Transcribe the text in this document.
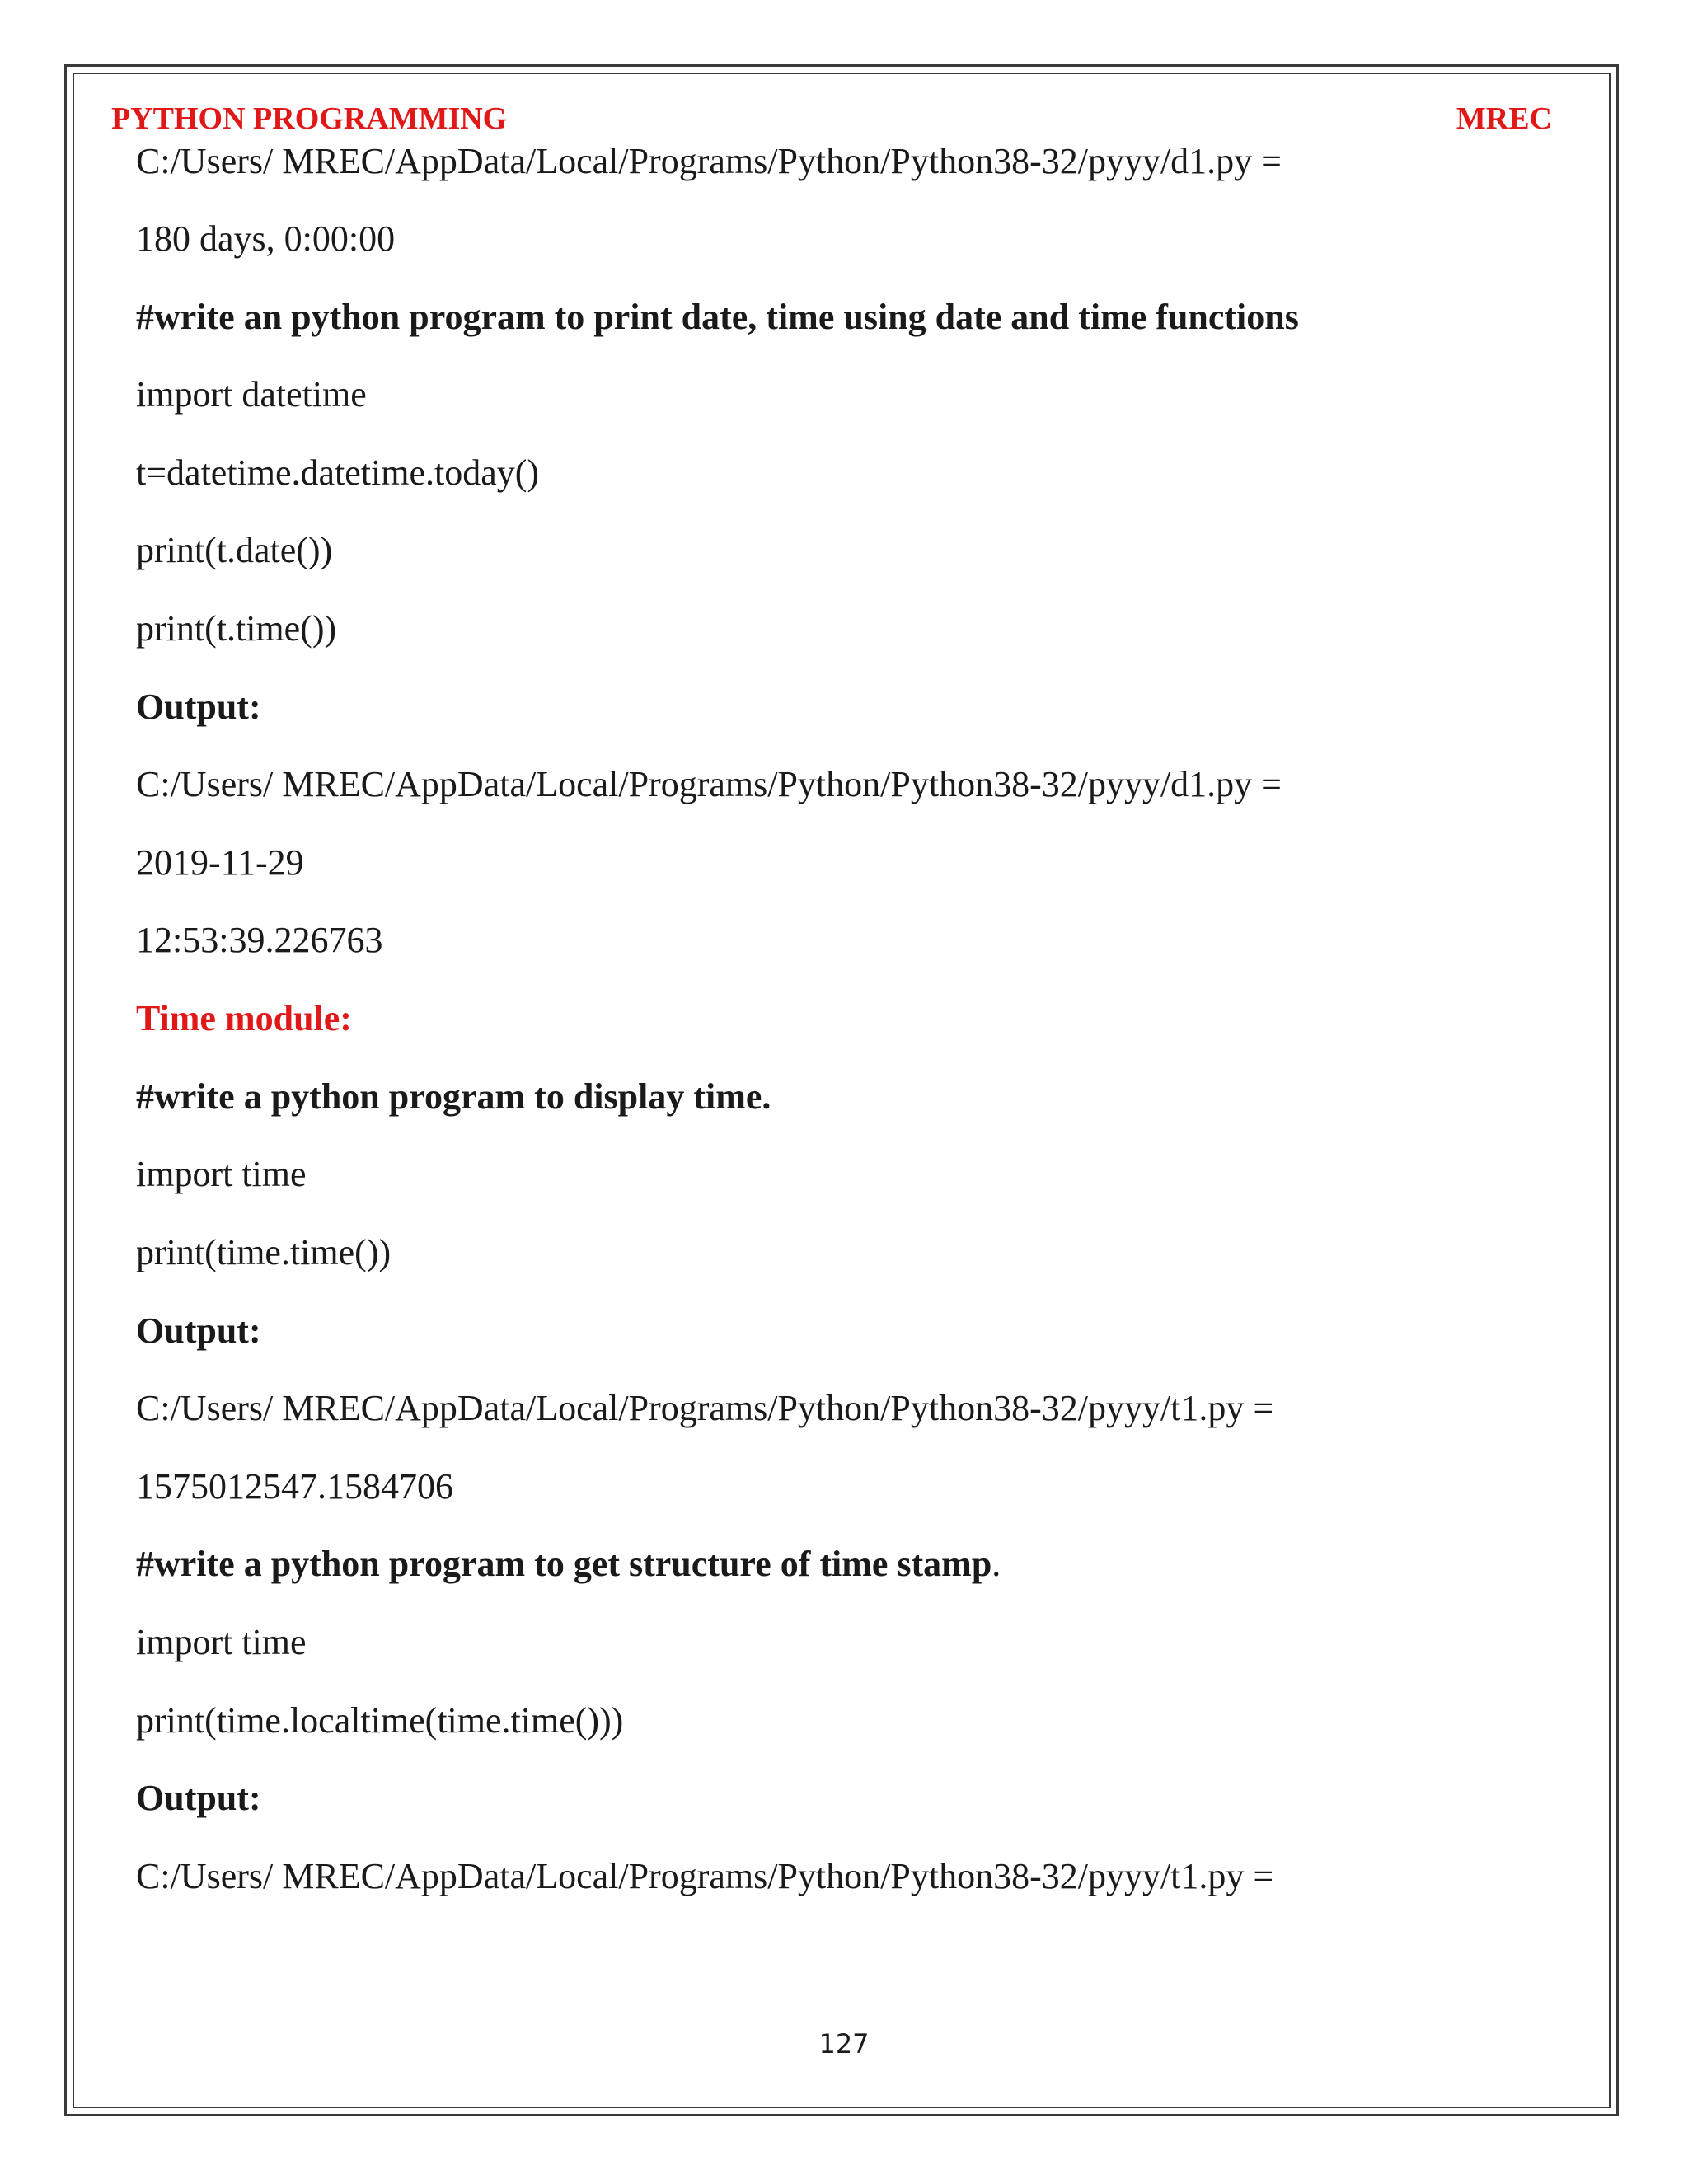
PYTHON PROGRAMMING	MREC
C:/Users/ MREC/AppData/Local/Programs/Python/Python38-32/pyyy/d1.py =
180 days, 0:00:00
#write an python program to print date, time using date and time functions
import datetime
t=datetime.datetime.today()
print(t.date())
print(t.time())
Output:
C:/Users/ MREC/AppData/Local/Programs/Python/Python38-32/pyyy/d1.py =
2019-11-29
12:53:39.226763
Time module:
#write a python program to display time.
import time
print(time.time())
Output:
C:/Users/ MREC/AppData/Local/Programs/Python/Python38-32/pyyy/t1.py =
1575012547.1584706
#write a python program to get structure of time stamp.
import time
print(time.localtime(time.time()))
Output:
C:/Users/ MREC/AppData/Local/Programs/Python/Python38-32/pyyy/t1.py =
127
